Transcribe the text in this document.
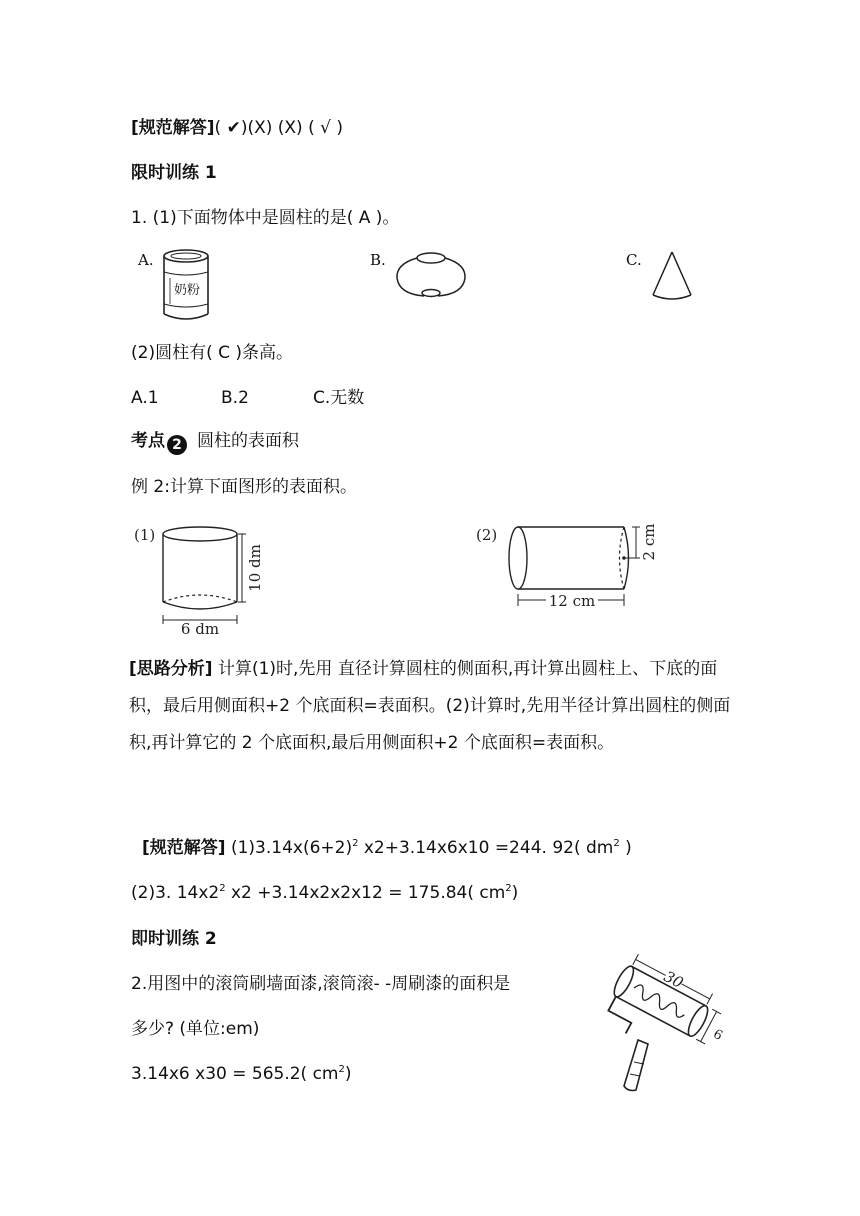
[规范解答]( ✔)(X) (X) ( √ )
限时训练 1
1. (1)下面物体中是圆柱的是( A )。
A.
奶粉
B.	C.
(2)圆柱有( C )条高。
A.1	B.2	C.无数
考点 2 圆柱的表面积
例 2:计算下面图形的表面积。
(1)
10 dm
6 dm
(2)	2 cm
12 cm
[思路分析] 计算(1)时,先用 直径计算圆柱的侧面积,再计算出圆柱上、下底的面积，最后用侧面积+2 个底面积=表面积。(2)计算时,先用半径计算出圆柱的侧面积,再计算它的 2 个底面积,最后用侧面积+2 个底面积=表面积。
[规范解答] $(1)3.14x(6+2)^2$ x2+3.14x6x10 =244. 92( $dm^2$ )
(2)3. $14x2^2$ x2 +3.14x2x2x12 = 175.84( $cm^2$)
即时训练 2
2.用图中的滚筒刷墙面漆,滚筒滚- -周刷漆的面积是
多少? (单位:em)
3.14x6 x30 = 565.2( $cm^2$)
30
6
